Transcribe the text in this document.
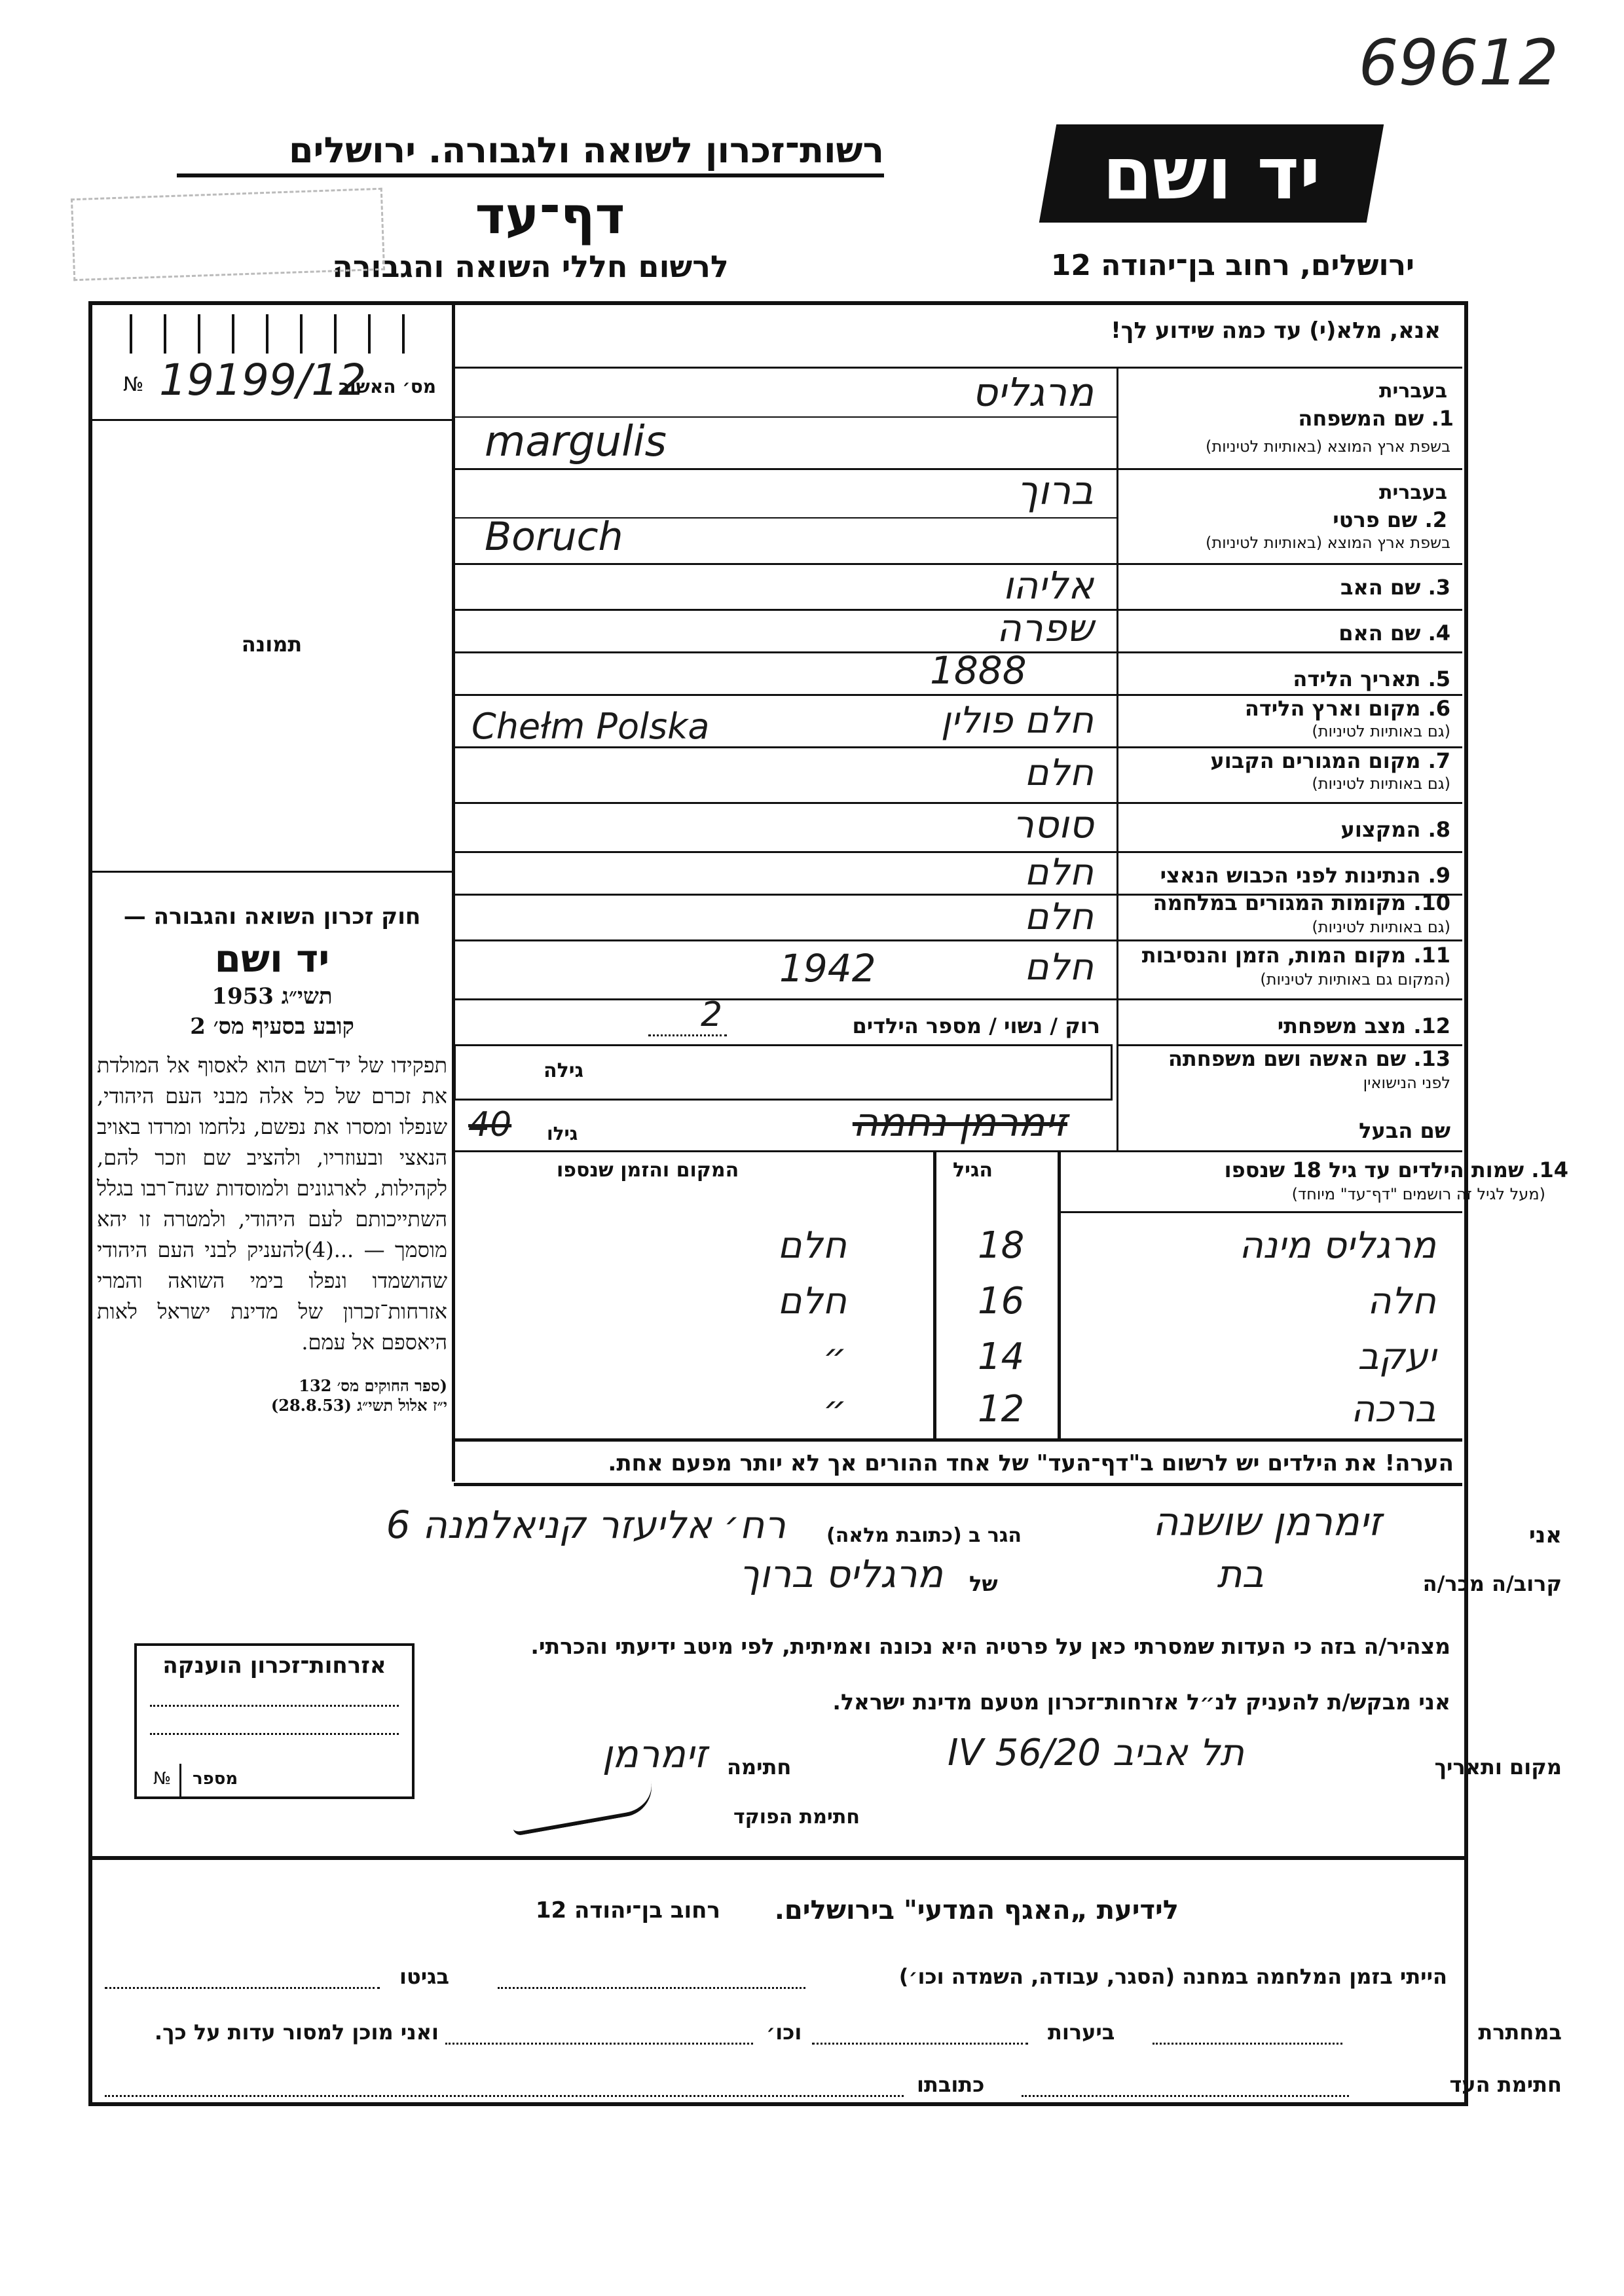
69612
רשות־זכרון לשואה ולגבורה. ירושלים
דף־עד
לרשום חללי השואה והגבורה
יד ושם
ירושלים, רחוב בן־יהודה 12
№ 19199/12
מס׳ האשור
תמונה
חוק זכרון השואה והגבורה —
יד ושם
תשי״ג 1953
קובע בסעיף מס׳ 2
תפקידו של יד־ושם הוא לאסוף אל המולדת את זכרם של כל אלה מבני העם היהודי, שנפלו ומסרו את נפשם, נלחמו ומרדו באויב הנאצי ובעוזריו, ולהציב שם וזכר להם, לקהילות, לארגונים ולמוסדות שנח־רבו בגלל השתייכותם לעם היהודי, ולמטרה זו יהא מוסמך — ...(4)להעניק לבני העם היהודי שהושמדו ונפלו בימי השואה והמרי אזרחות־זכרון של מדינת ישראל לאות היאספם אל עמם.
(ספר החוקים מס׳ 132
י״ז אלול תשי״ג (28.8.53)
אנא, מלא(י) עד כמה שידוע לך!
1. שם המשפחה
בעברית
בשפת ארץ המוצא (באותיות לטיניות)
מרגליס
margulis
בעברית
2. שם פרטי
בשפת ארץ המוצא (באותיות לטיניות)
ברוך
Boruch
3. שם האב
אליהו
4. שם האם
שפרה
5. תאריך הלידה
1888
6. מקום וארץ הלידה
(גם באותיות לטיניות)
חלם פולין
Chełm Polska
7. מקום המגורים הקבוע
(גם באותיות לטיניות)
חלם
8. המקצוע
סוסר
9. הנתינות לפני הכבוש הנאצי
חלם
10. מקומות המגורים במלחמה
(גם באותיות לטיניות)
חלם
11. מקום המות, הזמן והנסיבות
(המקום גם באותיות לטיניות)
חלם
1942
12. מצב משפחתי
רוק / נשוי / מספר הילדים
2
13. שם האשה ושם משפחתה
לפני הנישואין
גילה
שם הבעל
גילו
40	זימרמן נחמה
14. שמות הילדים עד גיל 18 שנספו
(מעל לגיל זה רושמים "דף־עד" מיוחד)
הגיל
המקום והזמן שנספו
מרגליס מינה
18
חלם
חלה
16
חלם
יעקב
14
״
ברכה
12
״
הערה! את הילדים יש לרשום ב"דף־העד" של אחד ההורים אך לא יותר מפעם אחת.
אני
זימרמן שושנה
הגר ב (כתובת מלאה)
רח׳ אליעזר קניאלמנה 6
קרוב/ה מכר/ה
בת
של
מרגליס ברוך
מצהיר/ה בזה כי העדות שמסרתי כאן על פרטיה היא נכונה ואמיתית, לפי מיטב ידיעתי והכרתי.
אני מבקש/ת להעניק לנ״ל אזרחות־זכרון מטעם מדינת ישראל.
מקום ותאריך
תל אביב 20/IV 56
חתימה
זימרמן
חתימת הפוקד
אזרחות־זכרון הוענקה
מספר
№
לידיעת „האגף המדעי" בירושלים.
רחוב בן־יהודה 12
הייתי בזמן המלחמה במחנה (הסגר, עבודה, השמדה וכו׳)
בגיטו
במחתרת
ביערות
וכו׳
ואני מוכן למסור עדות על כך.
חתימת העד
כתובתו
